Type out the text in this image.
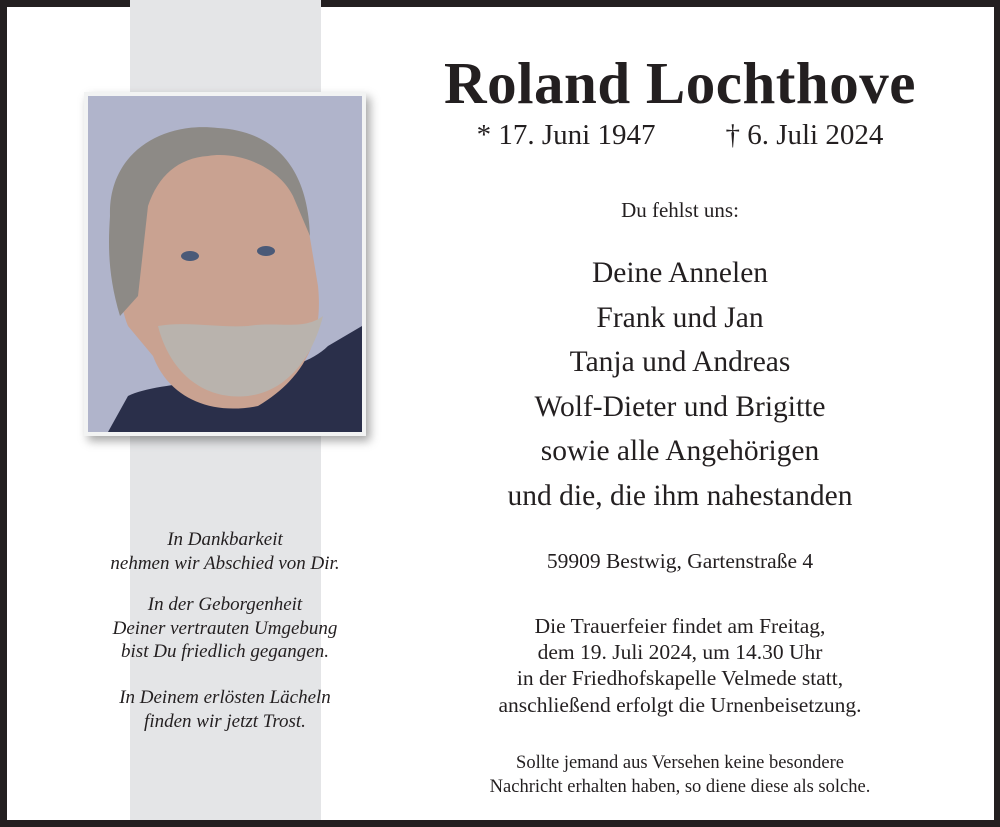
Roland Lochthove
* 17. Juni 1947 † 6. Juli 2024
Du fehlst uns:
Deine Annelen
Frank und Jan
Tanja und Andreas
Wolf-Dieter und Brigitte
sowie alle Angehörigen
und die, die ihm nahestanden
59909 Bestwig, Gartenstraße 4
Die Trauerfeier findet am Freitag,
dem 19. Juli 2024, um 14.30 Uhr
in der Friedhofskapelle Velmede statt,
anschließend erfolgt die Urnenbeisetzung.
Sollte jemand aus Versehen keine besondere
Nachricht erhalten haben, so diene diese als solche.
In Dankbarkeit
nehmen wir Abschied von Dir.
In der Geborgenheit
Deiner vertrauten Umgebung
bist Du friedlich gegangen.
In Deinem erlösten Lächeln
finden wir jetzt Trost.
